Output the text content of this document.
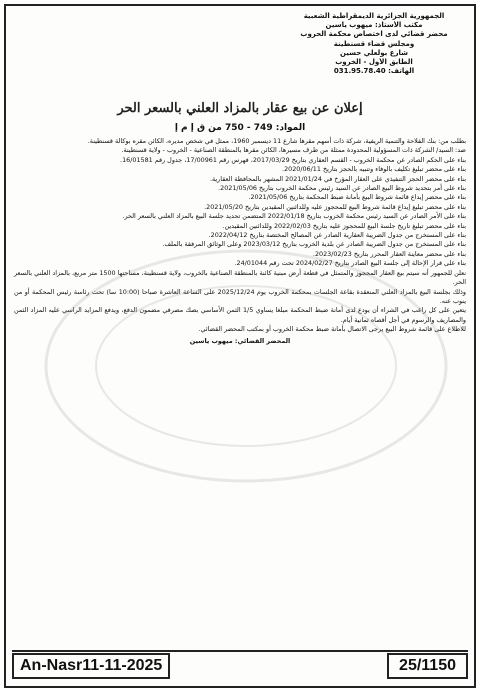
الجمهورية الجزائرية الديمقراطية الشعبية
مكتب الأستاذ: ميهوب ياسين
محضر قضائي لدى اختصاص محكمة الحروب
ومجلس قضاء قسنطينة
شارع بولعلي حسين
الطابق الأول - الخروب
الهاتف: 031.95.78.40
إعلان عن بيع عقار بالمزاد العلني بالسعر الحر
المواد: 749 - 750 من ق إ م إ

بطلب من: بنك الفلاحة والتنمية الريفية، شركة ذات أسهم مقرها شارع 11 ديسمبر 1960، ممثل في شخص مديره، الكائن مقره بوكالة قسنطينة.

ضد: السيد/ الشركة ذات المسؤولية المحدودة ممثلة من طرف مسيرها، الكائن مقرها بالمنطقة الصناعية - الخروب - ولاية قسنطينة.

بناء على الحكم الصادر عن محكمة الخروب - القسم العقاري بتاريخ 2017/03/29، فهرس رقم 17/00961، جدول رقم 16/01581.

بناء على محضر تبليغ تكليف بالوفاء وتنبيه بالحجز بتاريخ 2020/06/11.

بناء على محضر الحجز التنفيذي على العقار المؤرخ في 2021/01/24 المشهر بالمحافظة العقارية.

بناء على أمر بتحديد شروط البيع الصادر عن السيد رئيس محكمة الخروب بتاريخ 2021/05/06.

بناء على محضر إيداع قائمة شروط البيع بأمانة ضبط المحكمة بتاريخ 2021/05/06.

بناء على محضر تبليغ إيداع قائمة شروط البيع للمحجوز عليه وللدائنين المقيدين بتاريخ 2021/05/20.

بناء على الأمر الصادر عن السيد رئيس محكمة الخروب بتاريخ 2022/01/18 المتضمن تحديد جلسة البيع بالمزاد العلني بالسعر الحر.

بناء على محضر تبليغ تاريخ جلسة البيع للمحجوز عليه بتاريخ 2022/02/03 وللدائنين المقيدين.

بناء على المستخرج من جدول الضريبة العقارية الصادر عن المصالح المختصة بتاريخ 2022/04/12.

بناء على المستخرج من جدول الضريبة الصادر عن بلدية الخروب بتاريخ 2023/03/12 وعلى الوثائق المرفقة بالملف.

بناء على محضر معاينة العقار المحرر بتاريخ 2023/02/23.

بناء على قرار الإحالة إلى جلسة البيع الصادر بتاريخ 2024/02/27 تحت رقم 24/01044.

نعلن للجمهور أنه سيتم بيع العقار المحجوز والمتمثل في قطعة أرض مبنية كائنة بالمنطقة الصناعية بالخروب، ولاية قسنطينة، مساحتها 1500 متر مربع، بالمزاد العلني بالسعر الحر.

وذلك بجلسة البيع بالمزاد العلني المنعقدة بقاعة الجلسات بمحكمة الخروب يوم 2025/12/24 على الساعة العاشرة صباحا (10:00 سا) تحت رئاسة رئيس المحكمة أو من ينوب عنه.

يتعين على كل راغب في الشراء أن يودع لدى أمانة ضبط المحكمة مبلغا يساوي 1/5 الثمن الأساسي بصك مصرفي مضمون الدفع، ويدفع المزايد الراسي عليه المزاد الثمن والمصاريف والرسوم في أجل أقصاه ثمانية أيام.

للاطلاع على قائمة شروط البيع يرجى الاتصال بأمانة ضبط محكمة الخروب أو بمكتب المحضر القضائي.

المحضر القضائي: ميهوب ياسين
An-Nasr11-11-2025	25/1150
